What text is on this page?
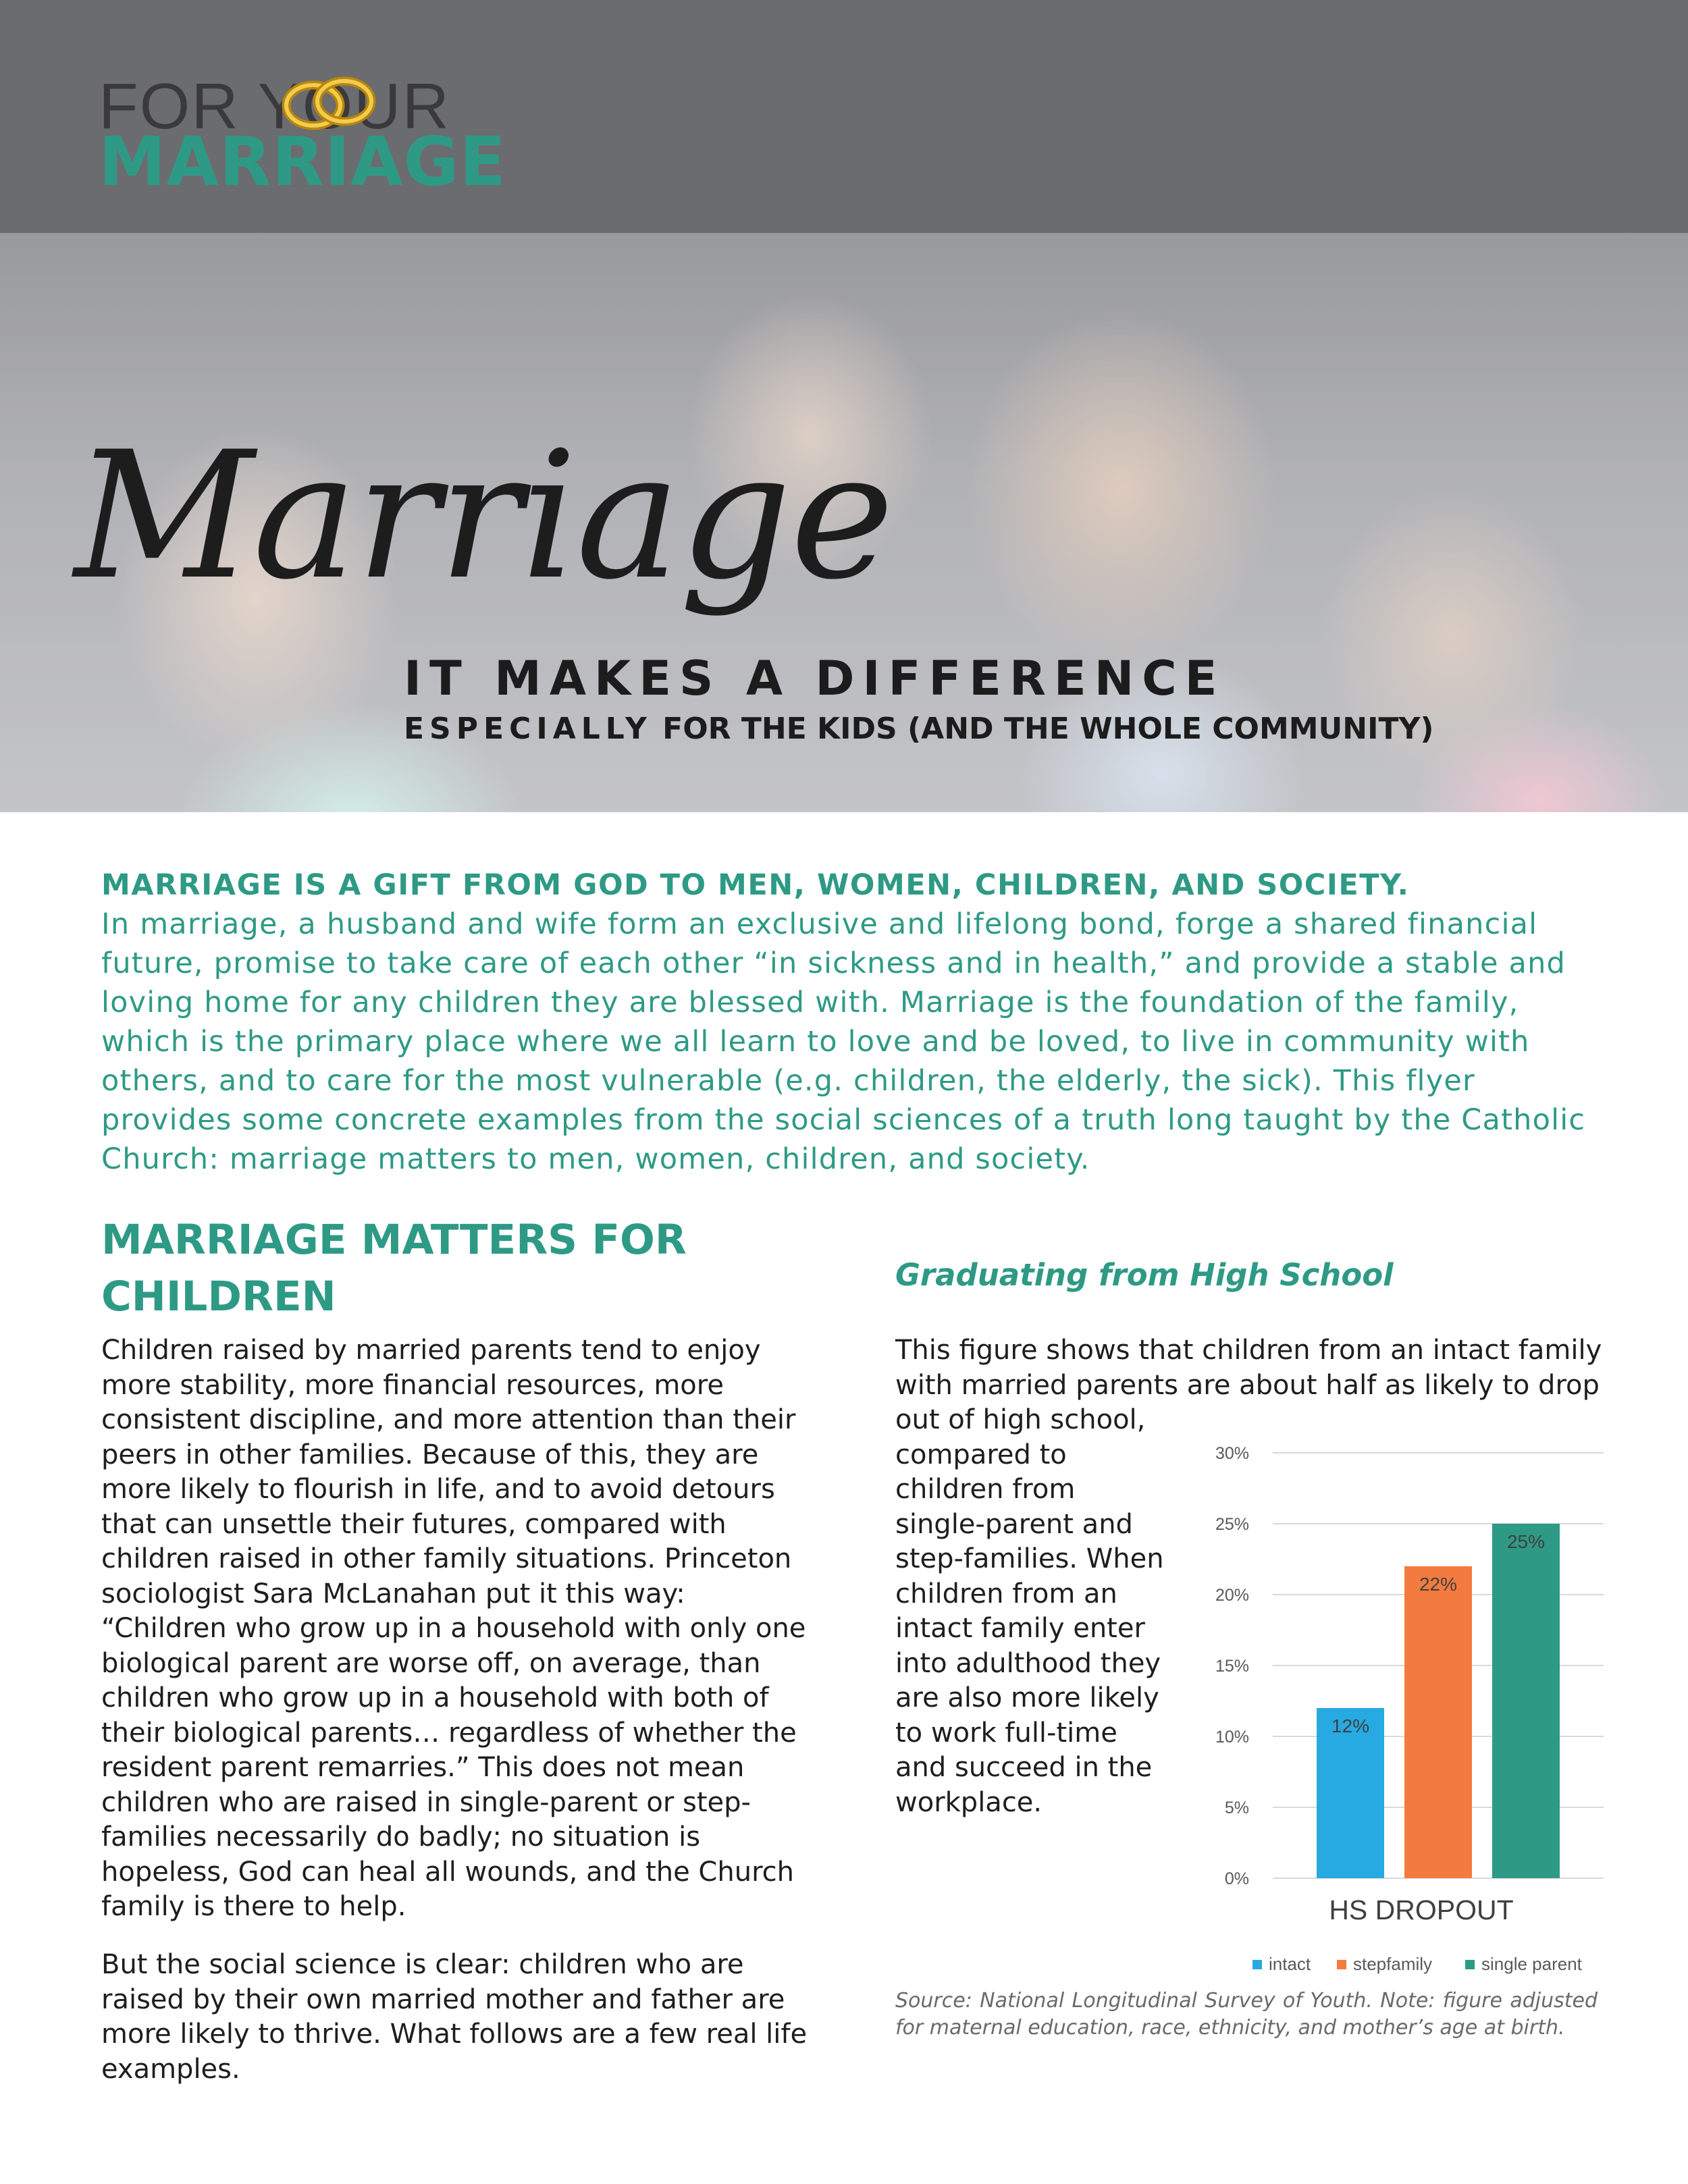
FOR YOUR
MARRIAGE
Marriage
IT MAKES A DIFFERENCE
ESPECIALLY FOR THE KIDS (AND THE WHOLE COMMUNITY)

MARRIAGE IS A GIFT FROM GOD TO MEN, WOMEN, CHILDREN, AND SOCIETY.

In marriage, a husband and wife form an exclusive and lifelong bond, forge a shared financial future, promise to take care of each other “in sickness and in health,” and provide a stable and loving home for any children they are blessed with. Marriage is the foundation of the family, which is the primary place where we all learn to love and be loved, to live in community with others, and to care for the most vulnerable (e.g. children, the elderly, the sick). This flyer provides some concrete examples from the social sciences of a truth long taught by the Catholic Church: marriage matters to men, women, children, and society.

MARRIAGE MATTERS FOR CHILDREN

Children raised by married parents tend to enjoy more stability, more financial resources, more consistent discipline, and more attention than their peers in other families. Because of this, they are more likely to flourish in life, and to avoid detours that can unsettle their futures, compared with children raised in other family situations. Princeton sociologist Sara McLanahan put it this way: “Children who grow up in a household with only one biological parent are worse off, on average, than children who grow up in a household with both of their biological parents… regardless of whether the resident parent remarries.” This does not mean children who are raised in single-parent or step-families necessarily do badly; no situation is hopeless, God can heal all wounds, and the Church family is there to help.

But the social science is clear: children who are raised by their own married mother and father are more likely to thrive. What follows are a few real life examples.

Graduating from High School
This figure shows that children from an intact family
with married parents are about half as likely to drop
out of high school,
compared to
children from
single-parent and
step-families. When
children from an
intact family enter
into adulthood they
are also more likely
to work full-time
and succeed in the
workplace.
0%
5%
10%
15%
20%
25%
30%
12%
22%
25%
HS DROPOUT
intact stepfamily	single parent

Source: National Longitudinal Survey of Youth. Note: figure adjusted for maternal education, race, ethnicity, and mother’s age at birth.
